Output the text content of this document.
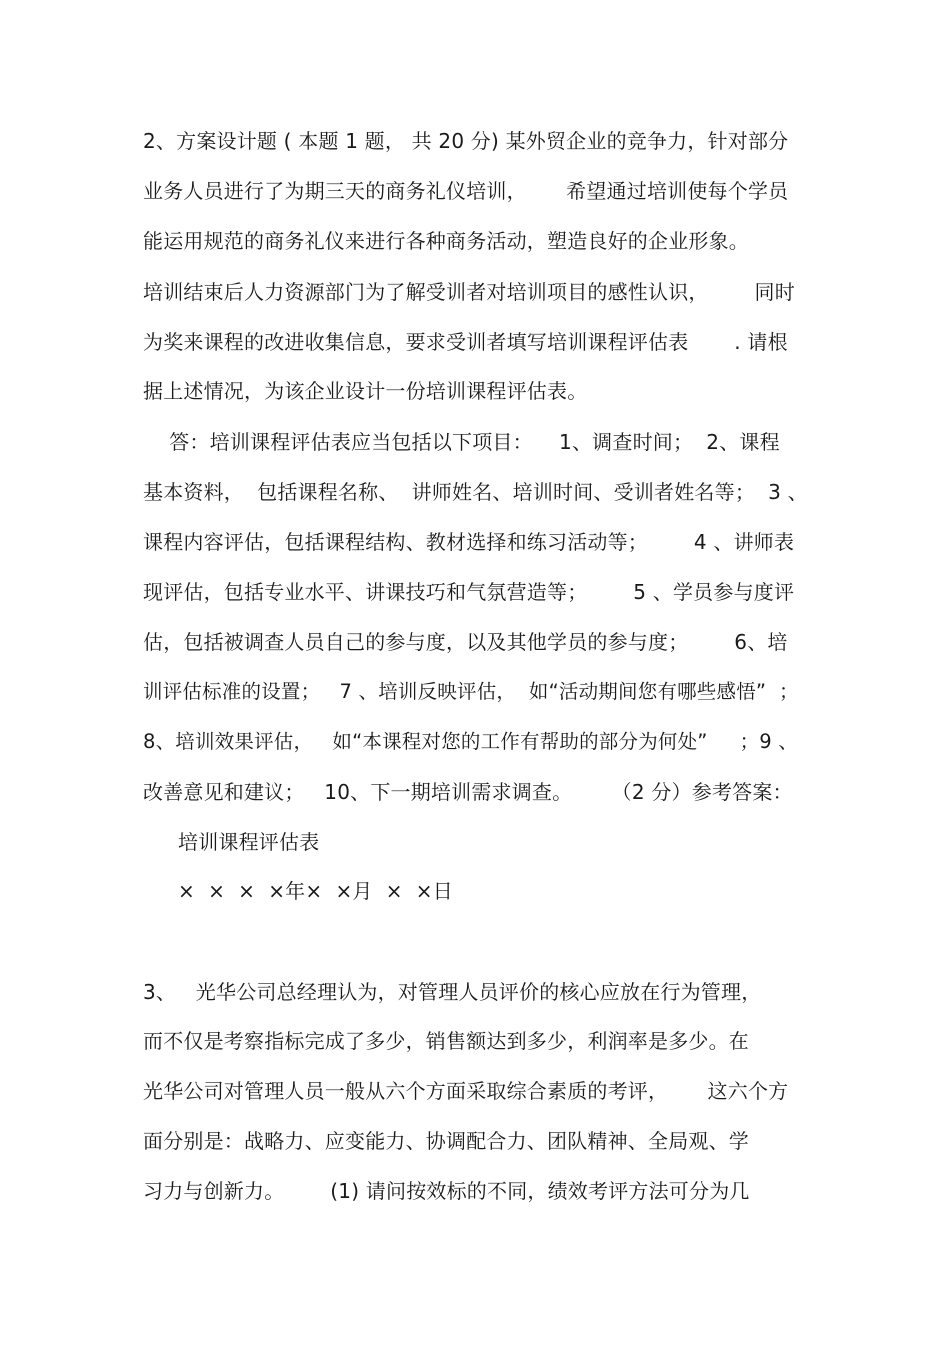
2、方案设计题 ( 本题 1 题， 共 20 分) 某外贸企业的竞争力，针对部分
业务人员进行了为期三天的商务礼仪培训，      希望通过培训使每个学员
能运用规范的商务礼仪来进行各种商务活动，塑造良好的企业形象。
培训结束后人力资源部门为了解受训者对培训项目的感性认识，       同时
为奖来课程的改进收集信息，要求受训者填写培训课程评估表       . 请根
据上述情况，为该企业设计一份培训课程评估表。
答：培训课程评估表应当包括以下项目：    1、调查时间；  2、课程
基本资料，  包括课程名称、  讲师姓名、培训时间、受训者姓名等；  3 、
课程内容评估，包括课程结构、教材选择和练习活动等；       4 、讲师表
现评估，包括专业水平、讲课技巧和气氛营造等；       5 、学员参与度评
估，包括被调查人员自己的参与度，以及其他学员的参与度；       6、培
训评估标准的设置；   7 、培训反映评估，  如“活动期间您有哪些感悟”  ；
8、培训效果评估，   如“本课程对您的工作有帮助的部分为何处”     ；9 、
改善意见和建议；   10、下一期培训需求调查。      （2 分）参考答案：
培训课程评估表
×  ×  ×  ×年×  ×月  ×  ×日
3、   光华公司总经理认为，对管理人员评价的核心应放在行为管理，
而不仅是考察指标完成了多少，销售额达到多少，利润率是多少。在
光华公司对管理人员一般从六个方面采取综合素质的考评，      这六个方
面分别是：战略力、应变能力、协调配合力、团队精神、全局观、学
习力与创新力。       (1) 请问按效标的不同，绩效考评方法可分为几
